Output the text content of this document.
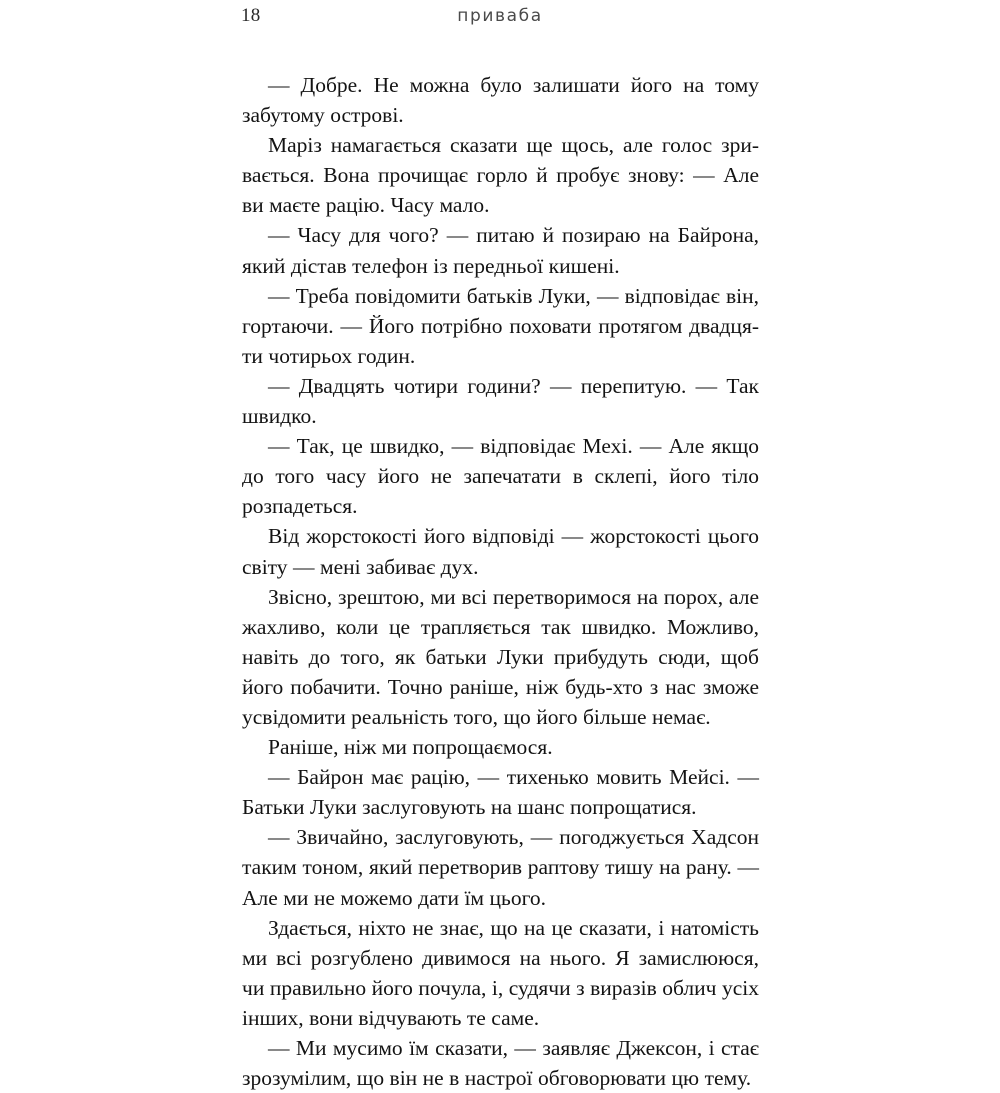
18	приваба

— Добре. Не можна було залишати його на тому забутому острові.

Маріз намагається сказати ще щось, але голос зривається. Вона прочищає горло й пробує знову: — Але ви маєте рацію. Часу мало.

— Часу для чого? — питаю й позираю на Байрона, який дістав телефон із передньої кишені.

— Треба повідомити батьків Луки, — відповідає він, гортаючи. — Його потрібно поховати протягом двадцяти чотирьох годин.

— Двадцять чотири години? — перепитую. — Так швидко.

— Так, це швидко, — відповідає Мехі. — Але якщо до того часу його не запечатати в склепі, його тіло розпадеться.

Від жорстокості його відповіді — жорстокості цього світу — мені забиває дух.

Звісно, зрештою, ми всі перетворимося на порох, але жахливо, коли це трапляється так швидко. Можливо, навіть до того, як батьки Луки прибудуть сюди, щоб його побачити. Точно раніше, ніж будь-хто з нас зможе усвідомити реальність того, що його більше немає.

Раніше, ніж ми попрощаємося.

— Байрон має рацію, — тихенько мовить Мейсі. — Батьки Луки заслуговують на шанс попрощатися.

— Звичайно, заслуговують, — погоджується Хадсон таким тоном, який перетворив раптову тишу на рану. — Але ми не можемо дати їм цього.

Здається, ніхто не знає, що на це сказати, і натомість ми всі розгублено дивимося на нього. Я замислююся, чи правильно його почула, і, судячи з виразів облич усіх інших, вони відчувають те саме.

— Ми мусимо їм сказати, — заявляє Джексон, і стає зрозумілим, що він не в настрої обговорювати цю тему.
